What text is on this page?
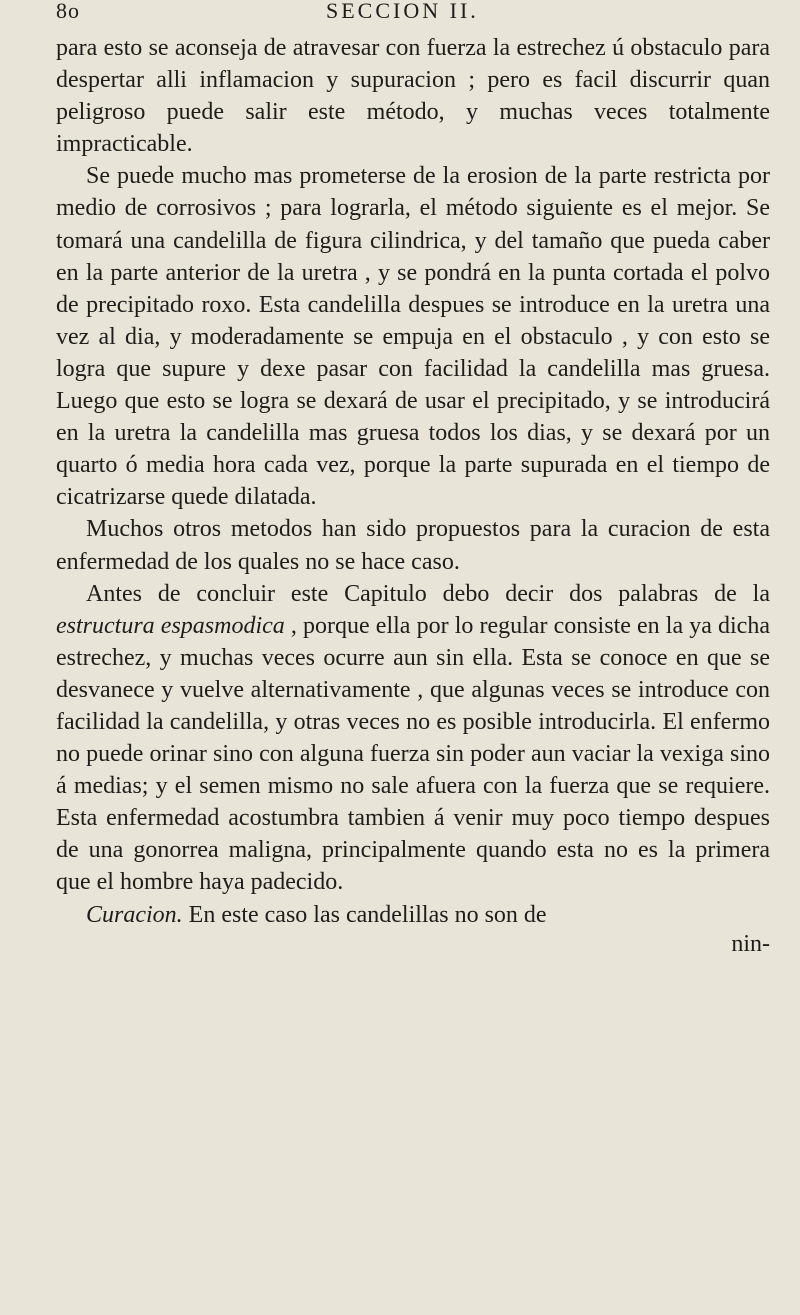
8o	SECCION II.

para esto se aconseja de atravesar con fuerza la estrechez ú obstaculo para despertar alli inflamacion y supuracion ; pero es facil discurrir quan peligroso puede salir este método, y muchas veces totalmente impracticable.

Se puede mucho mas prometerse de la erosion de la parte restricta por medio de corrosivos ; para lograrla, el método siguiente es el mejor. Se tomará una candelilla de figura cilindrica, y del tamaño que pueda caber en la parte anterior de la uretra , y se pondrá en la punta cortada el polvo de precipitado roxo. Esta candelilla despues se introduce en la uretra una vez al dia, y moderadamente se empuja en el obstaculo , y con esto se logra que supure y dexe pasar con facilidad la candelilla mas gruesa. Luego que esto se logra se dexará de usar el precipitado, y se introducirá en la uretra la candelilla mas gruesa todos los dias, y se dexará por un quarto ó media hora cada vez, porque la parte supurada en el tiempo de cicatrizarse quede dilatada.

Muchos otros metodos han sido propuestos para la curacion de esta enfermedad de los quales no se hace caso.

Antes de concluir este Capitulo debo decir dos palabras de la estructura espasmodica , porque ella por lo regular consiste en la ya dicha estrechez, y muchas veces ocurre aun sin ella. Esta se conoce en que se desvanece y vuelve alternativamente , que algunas veces se introduce con facilidad la candelilla, y otras veces no es posible introducirla. El enfermo no puede orinar sino con alguna fuerza sin poder aun vaciar la vexiga sino á medias; y el semen mismo no sale afuera con la fuerza que se requiere. Esta enfermedad acostumbra tambien á venir muy poco tiempo despues de una gonorrea maligna, principalmente quando esta no es la primera que el hombre haya padecido.

Curacion. En este caso las candelillas no son de

nin-
